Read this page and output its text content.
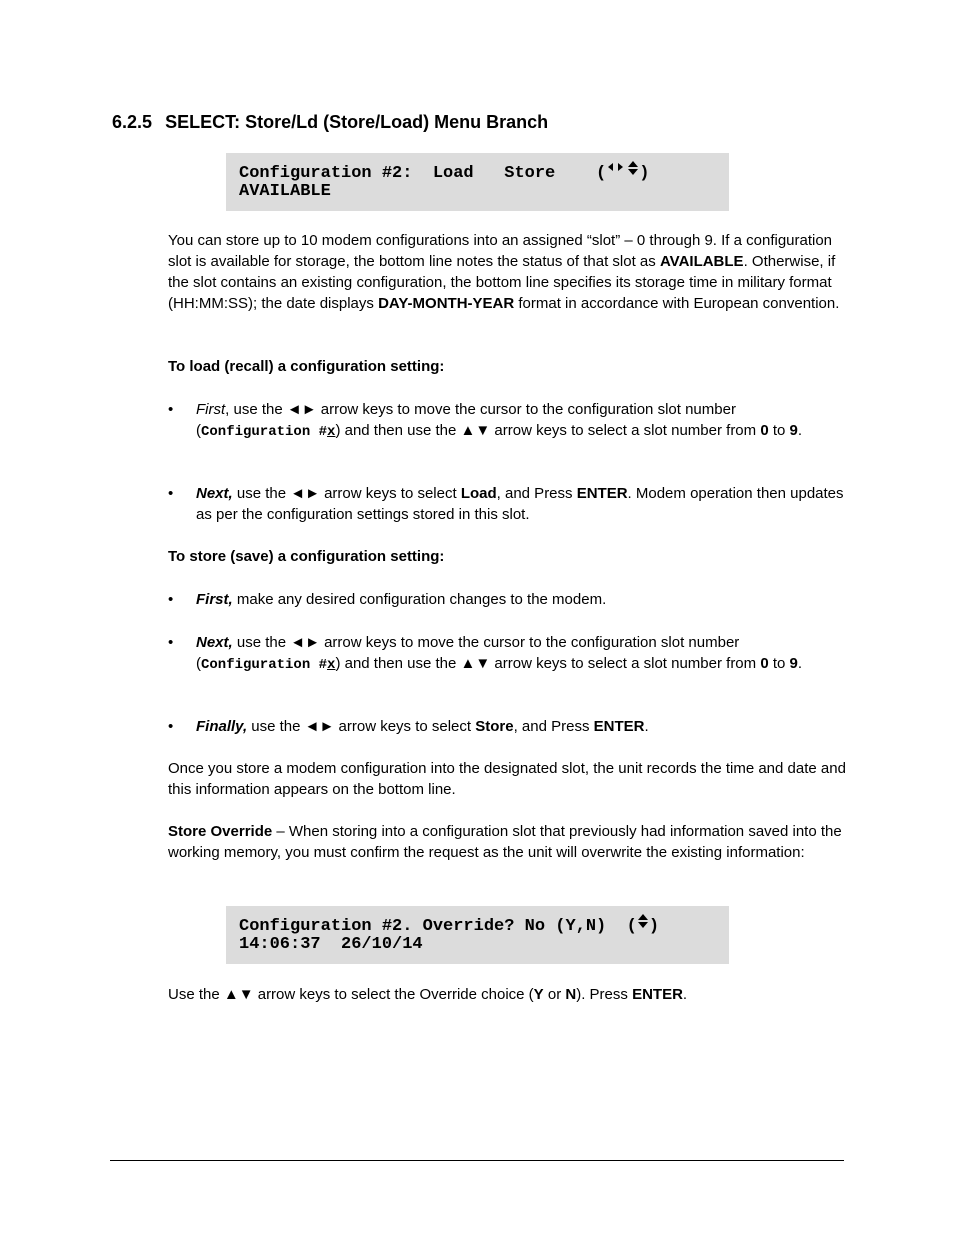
6.2.5 SELECT: Store/Ld (Store/Load) Menu Branch
Configuration #2:  Load   Store    ( )
AVAILABLE
You can store up to 10 modem configurations into an assigned “slot” – 0 through 9. If a configuration slot is available for storage, the bottom line notes the status of that slot as AVAILABLE. Otherwise, if the slot contains an existing configuration, the bottom line specifies its storage time in military format (HH:MM:SS); the date displays DAY-MONTH-YEAR format in accordance with European convention.
To load (recall) a configuration setting:
• First, use the ◄► arrow keys to move the cursor to the configuration slot number (Configuration #x) and then use the ▲▼ arrow keys to select a slot number from 0 to 9.
• Next, use the ◄► arrow keys to select Load, and Press ENTER. Modem operation then updates as per the configuration settings stored in this slot.
To store (save) a configuration setting:
• First, make any desired configuration changes to the modem.
• Next, use the ◄► arrow keys to move the cursor to the configuration slot number (Configuration #x) and then use the ▲▼ arrow keys to select a slot number from 0 to 9.
• Finally, use the ◄► arrow keys to select Store, and Press ENTER.
Once you store a modem configuration into the designated slot, the unit records the time and date and this information appears on the bottom line.
Store Override – When storing into a configuration slot that previously had information saved into the working memory, you must confirm the request as the unit will overwrite the existing information:
Configuration #2. Override? No (Y,N)  ( )
14:06:37  26/10/14
Use the ▲▼ arrow keys to select the Override choice (Y or N). Press ENTER.
